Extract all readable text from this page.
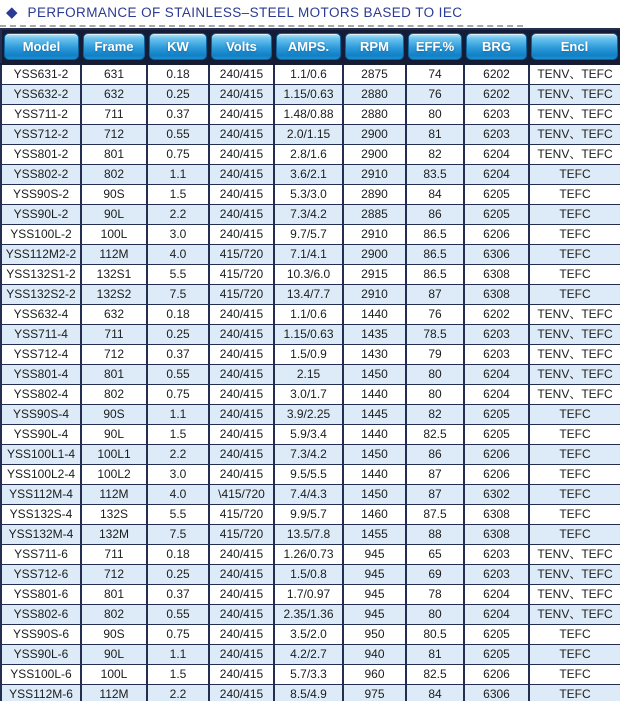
◆ PERFORMANCE OF STAINLESS–STEEL MOTORS BASED TO IEC
Model	Frame	KW	Volts	AMPS.	RPM	EFF.%	BRG	Encl

YSS631-2	631	0.18	240/415	1.1/0.6	2875	74	6202	TENV、TEFC
YSS632-2	632	0.25	240/415	1.15/0.63	2880	76	6202	TENV、TEFC
YSS711-2	711	0.37	240/415	1.48/0.88	2880	80	6203	TENV、TEFC
YSS712-2	712	0.55	240/415	2.0/1.15	2900	81	6203	TENV、TEFC
YSS801-2	801	0.75	240/415	2.8/1.6	2900	82	6204	TENV、TEFC
YSS802-2	802	1.1	240/415	3.6/2.1	2910	83.5	6204	TEFC
YSS90S-2	90S	1.5	240/415	5.3/3.0	2890	84	6205	TEFC
YSS90L-2	90L	2.2	240/415	7.3/4.2	2885	86	6205	TEFC
YSS100L-2	100L	3.0	240/415	9.7/5.7	2910	86.5	6206	TEFC
YSS112M2-2	112M	4.0	415/720	7.1/4.1	2900	86.5	6306	TEFC
YSS132S1-2	132S1	5.5	415/720	10.3/6.0	2915	86.5	6308	TEFC
YSS132S2-2	132S2	7.5	415/720	13.4/7.7	2910	87	6308	TEFC
YSS632-4	632	0.18	240/415	1.1/0.6	1440	76	6202	TENV、TEFC
YSS711-4	711	0.25	240/415	1.15/0.63	1435	78.5	6203	TENV、TEFC
YSS712-4	712	0.37	240/415	1.5/0.9	1430	79	6203	TENV、TEFC
YSS801-4	801	0.55	240/415	2.15	1450	80	6204	TENV、TEFC
YSS802-4	802	0.75	240/415	3.0/1.7	1440	80	6204	TENV、TEFC
YSS90S-4	90S	1.1	240/415	3.9/2.25	1445	82	6205	TEFC
YSS90L-4	90L	1.5	240/415	5.9/3.4	1440	82.5	6205	TEFC
YSS100L1-4	100L1	2.2	240/415	7.3/4.2	1450	86	6206	TEFC
YSS100L2-4	100L2	3.0	240/415	9.5/5.5	1440	87	6206	TEFC
YSS112M-4	112M	4.0	\415/720	7.4/4.3	1450	87	6302	TEFC
YSS132S-4	132S	5.5	415/720	9.9/5.7	1460	87.5	6308	TEFC
YSS132M-4	132M	7.5	415/720	13.5/7.8	1455	88	6308	TEFC
YSS711-6	711	0.18	240/415	1.26/0.73	945	65	6203	TENV、TEFC
YSS712-6	712	0.25	240/415	1.5/0.8	945	69	6203	TENV、TEFC
YSS801-6	801	0.37	240/415	1.7/0.97	945	78	6204	TENV、TEFC
YSS802-6	802	0.55	240/415	2.35/1.36	945	80	6204	TENV、TEFC
YSS90S-6	90S	0.75	240/415	3.5/2.0	950	80.5	6205	TEFC
YSS90L-6	90L	1.1	240/415	4.2/2.7	940	81	6205	TEFC
YSS100L-6	100L	1.5	240/415	5.7/3.3	960	82.5	6206	TEFC
YSS112M-6	112M	2.2	240/415	8.5/4.9	975	84	6306	TEFC
